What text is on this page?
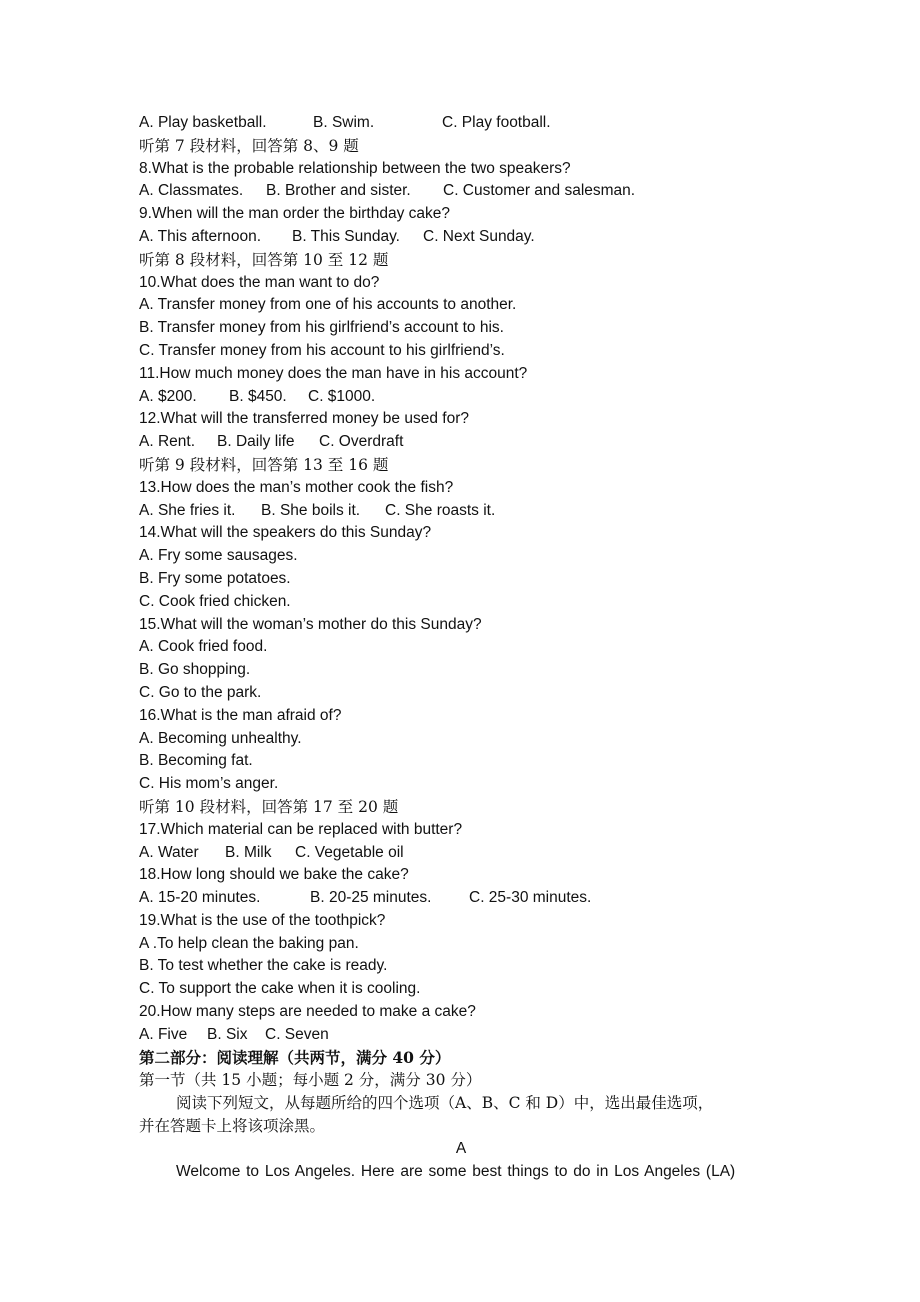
A. Play basketball.	B. Swim.	C. Play football.
听第 7 段材料，回答第 8、9 题
8.What is the probable relationship between the two speakers?
A. Classmates. B. Brother and sister. C. Customer and salesman.
9.When will the man order the birthday cake?
A. This afternoon. B. This Sunday. C. Next Sunday.
听第 8 段材料，回答第 10 至 12 题
10.What does the man want to do?
A. Transfer money from one of his accounts to another.
B. Transfer money from his girlfriend’s account to his.
C. Transfer money from his account to his girlfriend’s.
11.How much money does the man have in his account?
A. $200. B. $450. C. $1000.
12.What will the transferred money be used for?
A. Rent. B. Daily life C. Overdraft
听第 9 段材料，回答第 13 至 16 题
13.How does the man’s mother cook the fish?
A. She fries it. B. She boils it. C. She roasts it.
14.What will the speakers do this Sunday?
A. Fry some sausages.
B. Fry some potatoes.
C. Cook fried chicken.
15.What will the woman’s mother do this Sunday?
A. Cook fried food.
B. Go shopping.
C. Go to the park.
16.What is the man afraid of?
A. Becoming unhealthy.
B. Becoming fat.
C. His mom’s anger.
听第 10 段材料，回答第 17 至 20 题
17.Which material can be replaced with butter?
A. Water B. Milk C. Vegetable oil
18.How long should we bake the cake?
A. 15-20 minutes.	B. 20-25 minutes. C. 25-30 minutes.
19.What is the use of the toothpick?
A .To help clean the baking pan.
B. To test whether the cake is ready.
C. To support the cake when it is cooling.
20.How many steps are needed to make a cake?
A. Five B. Six C. Seven
第二部分：阅读理解（共两节，满分 40 分）
第一节（共 15 小题；每小题 2 分，满分 30 分）
阅读下列短文，从每题所给的四个选项（A、B、C 和 D）中，选出最佳选项，
并在答题卡上将该项涂黑。
A
Welcome to Los Angeles. Here are some best things to do in Los Angeles (LA)
